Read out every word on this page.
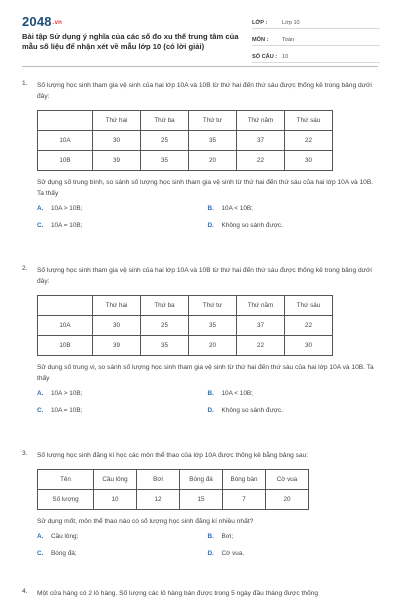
$2048^{.vn}$
Bài tập Sử dụng ý nghĩa của các số đo xu thế trung tâm của mẫu số liệu để nhận xét về mẫu lớp 10 (có lời giải)
LỚP :	Lớp 10
MÔN :	Toán
SỐ CÂU : 10
1. Số lượng học sinh tham gia vệ sinh của hai lớp 10A và 10B từ thứ hai đến thứ sáu được thống kê trong bảng dưới đây:
	Thứ hai	Thứ ba	Thứ tư	Thứ năm	Thứ sáu
10A	30	25	35	37	22
10B	39	35	20	22	30
Sử dụng số trung bình, so sánh số lượng học sinh tham gia vệ sinh từ thứ hai đến thứ sáu của hai lớp 10A và 10B. Ta thấy
A. 10A > 10B;	B. 10A < 10B;
C. 10A = 10B;	D. Không so sánh được.
2. Số lượng học sinh tham gia vệ sinh của hai lớp 10A và 10B từ thứ hai đến thứ sáu được thống kê trong bảng dưới đây:
	Thứ hai	Thứ ba	Thứ tư	Thứ năm	Thứ sáu
10A	30	25	35	37	22
10B	39	35	20	22	30
Sử dụng số trung vị, so sánh số lượng học sinh tham gia vệ sinh từ thứ hai đến thứ sáu của hai lớp 10A và 10B. Ta thấy
A. 10A > 10B;	B. 10A < 10B;
C. 10A = 10B;	D. Không so sánh được.
3. Số lượng học sinh đăng kí học các môn thể thao của lớp 10A được thống kê bằng bảng sau:
Tên	Cầu lông	Bơi	Bóng đá	Bóng bàn	Cờ vua
Số lượng	10	12	15	7	20
Sử dụng mốt, môn thể thao nào có số lượng học sinh đăng kí nhiều nhất?
A. Cầu lông;	B. Bơi;
C. Bóng đá;	D. Cờ vua.
4. Một cửa hàng có 2 lô hàng. Số lượng các lô hàng bán được trong 5 ngày đầu tháng được thống
